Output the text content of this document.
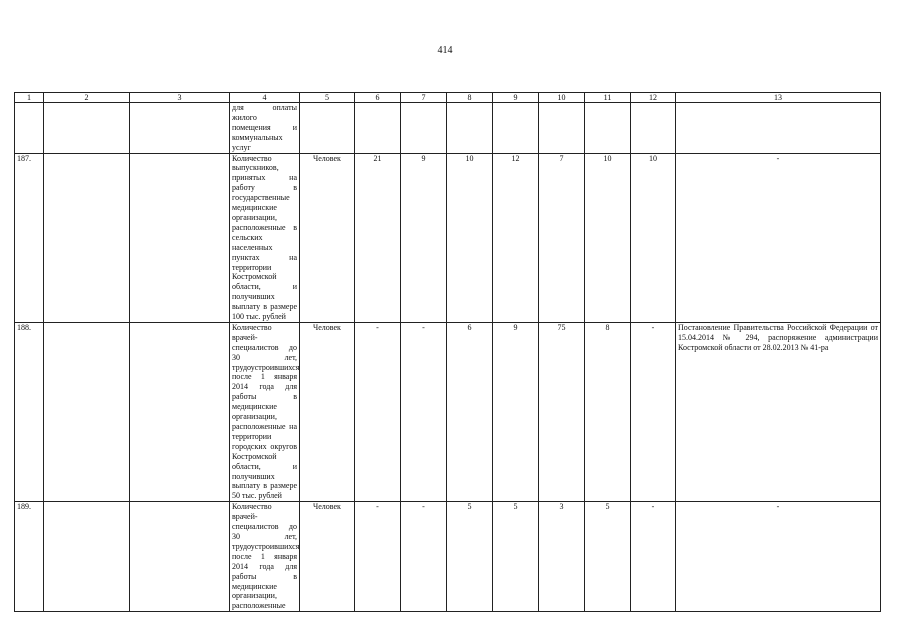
414
1	2	3	4	5	6	7	8	9	10	11	12	13
			для оплаты жилого помещения и коммунальных услуг									
187.			Количество выпускников, принятых на работу в государственные медицинские организации, расположенные в сельских населенных пунктах на территории Костромской области, и получивших выплату в размере 100 тыс. рублей	Человек	21	9	10	12	7	10	10	-
188.			Количество врачей-специалистов до 30 лет, трудоустроившихся после 1 января 2014 года для работы в медицинские организации, расположенные на территории городских округов Костромской области, и получивших выплату в размере 50 тыс. рублей	Человек	-	-	6	9	75	8	-	Постановление Правительства Российской Федерации от 15.04.2014 № 294, распоряжение администрации Костромской области от 28.02.2013 № 41-ра
189.			Количество врачей-специалистов до 30 лет, трудоустроившихся после 1 января 2014 года для работы в медицинские организации, расположенные	Человек	-	-	5	5	3	5	-	-
